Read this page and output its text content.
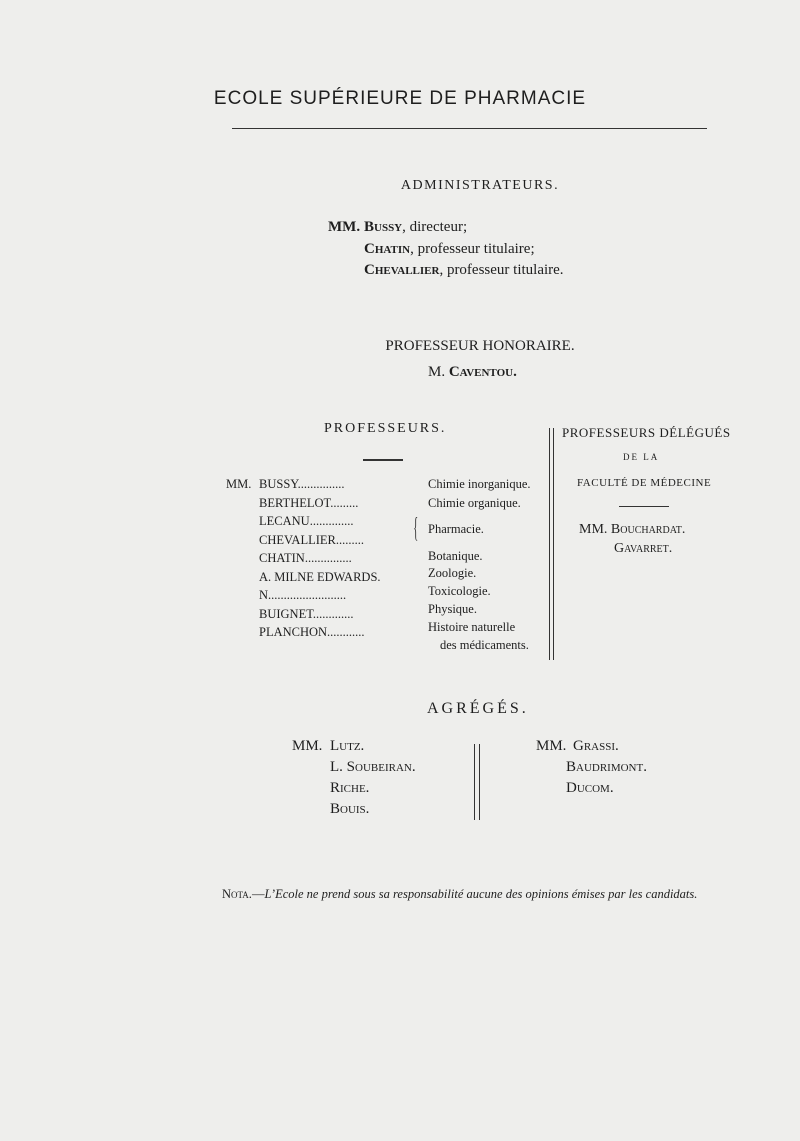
ECOLE SUPÉRIEURE DE PHARMACIE
ADMINISTRATEURS.
MM. Bussy, directeur;
Chatin, professeur titulaire;
Chevallier, professeur titulaire.
PROFESSEUR HONORAIRE.
M. Caventou.
PROFESSEURS.
MM. BUSSY...............
BERTHELOT.........
LECANU..............
CHEVALLIER.........
CHATIN...............
A. MILNE EDWARDS.
N.........................
BUIGNET.............
PLANCHON............
{
Chimie inorganique.
Chimie organique.
Pharmacie.
Botanique.
Zoologie.
Toxicologie.
Physique.
Histoire naturelle
des médicaments.
PROFESSEURS DÉLÉGUÉS
DE LA
FACULTÉ DE MÉDECINE
MM. Bouchardat.
Gavarret.
AGRÉGÉS.
MM. Lutz.
L. Soubeiran.
Riche.
Bouis.
MM. Grassi.
Baudrimont.
Ducom.
Nota.—L’Ecole ne prend sous sa responsabilité aucune des opinions émises par les candidats.
